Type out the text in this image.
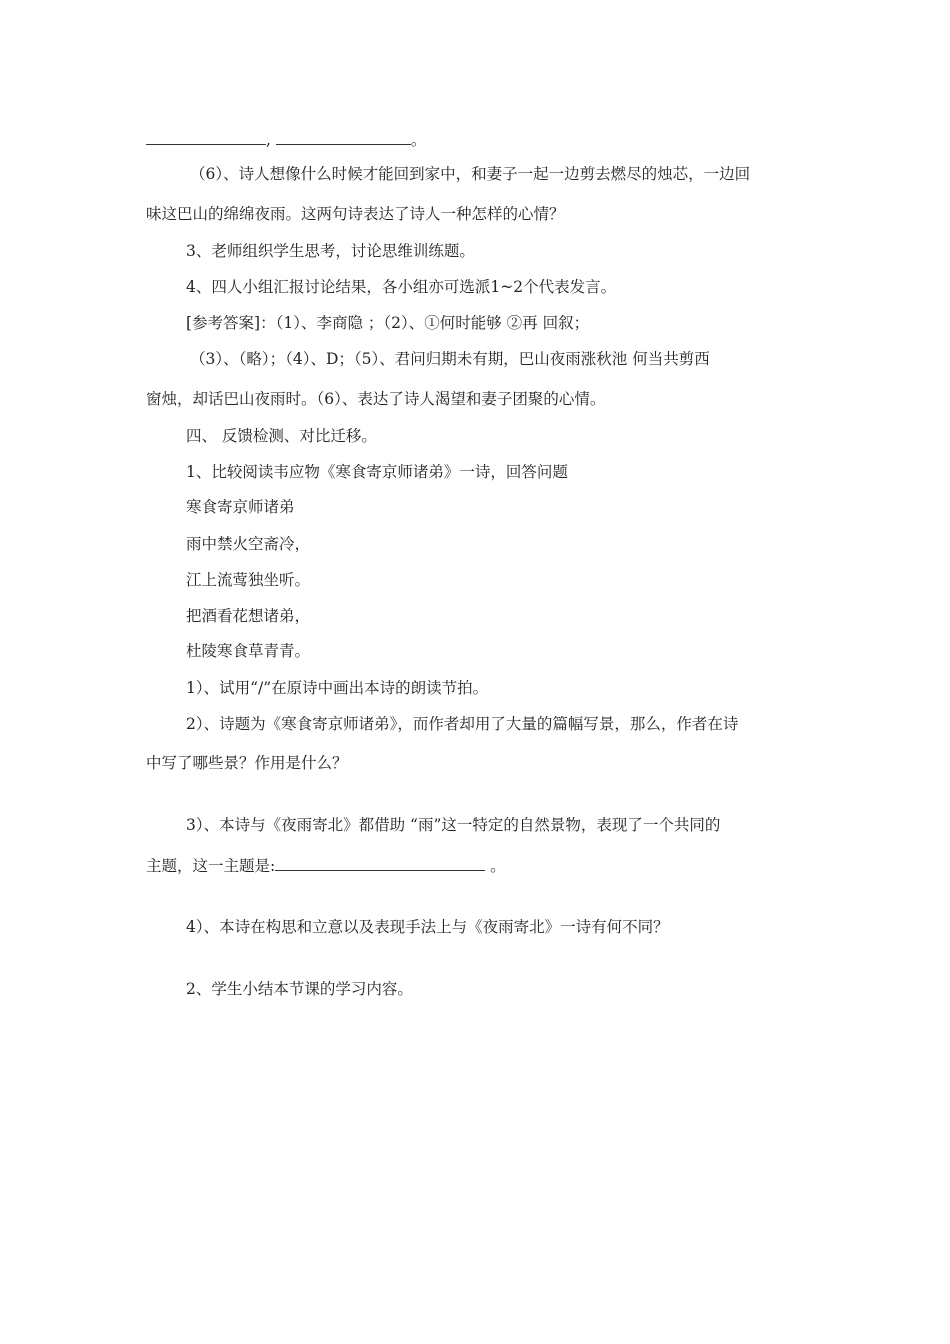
,	。
（6）、诗人想像什么时候才能回到家中，和妻子一起一边剪去燃尽的烛芯，一边回
味这巴山的绵绵夜雨。这两句诗表达了诗人一种怎样的心情？
3、老师组织学生思考，讨论思维训练题。
4、四人小组汇报讨论结果，各小组亦可选派1~2个代表发言。
[参考答案]：（1）、李商隐 ；（2）、①何时能够 ②再 回叙；
（3）、（略）；（4）、D；（5）、君问归期未有期，巴山夜雨涨秋池 何当共剪西
窗烛，却话巴山夜雨时。（6）、表达了诗人渴望和妻子团聚的心情。
四、 反馈检测、对比迁移。
1、比较阅读韦应物《寒食寄京师诸弟》一诗，回答问题
寒食寄京师诸弟
雨中禁火空斋冷，
江上流莺独坐听。
把酒看花想诸弟，
杜陵寒食草青青。
1）、试用“/”在原诗中画出本诗的朗读节拍。
2）、诗题为《寒食寄京师诸弟》，而作者却用了大量的篇幅写景，那么，作者在诗
中写了哪些景？作用是什么？
3）、本诗与《夜雨寄北》都借助 “雨”这一特定的自然景物，表现了一个共同的
主题，这一主题是:	。
4）、本诗在构思和立意以及表现手法上与《夜雨寄北》一诗有何不同？
2、学生小结本节课的学习内容。
